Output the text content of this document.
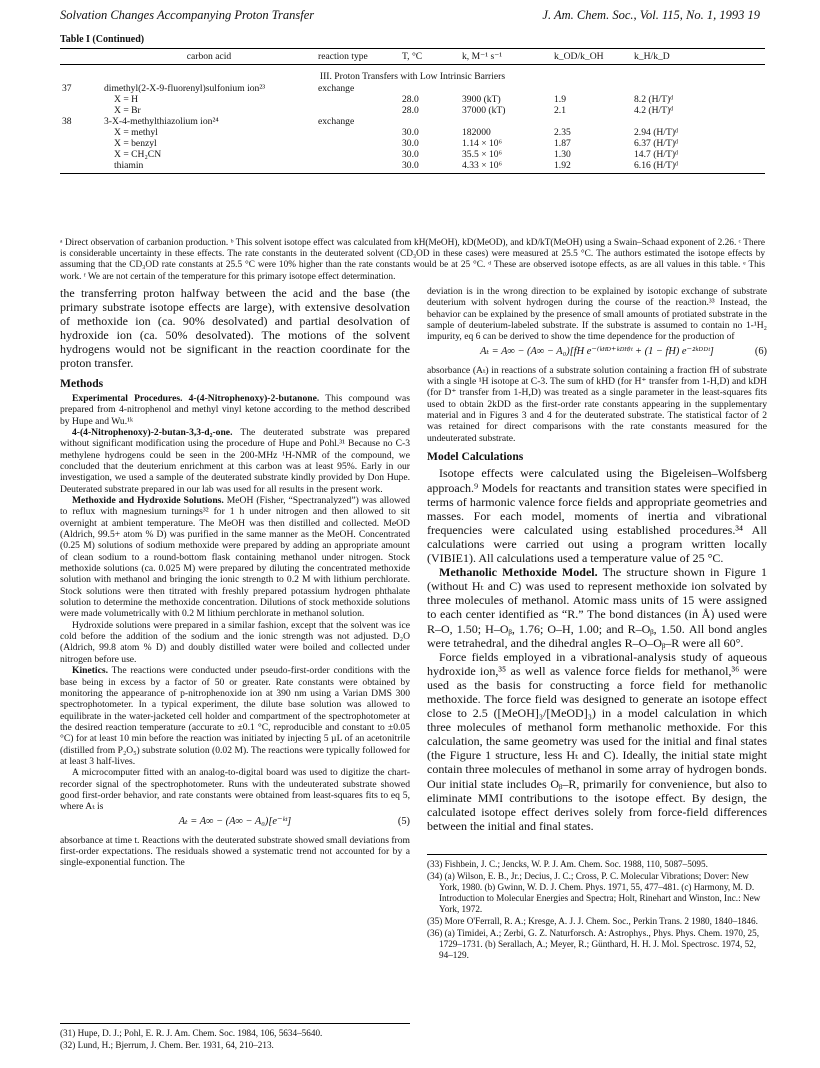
Solvation Changes Accompanying Proton Transfer	J. Am. Chem. Soc., Vol. 115, No. 1, 1993 19
Table I (Continued)
	carbon acid	reaction type	T, °C	k, M⁻¹ s⁻¹	k_OD/k_OH	k_H/k_D
III. Proton Transfers with Low Intrinsic Barriers						
37	dimethyl(2-X-9-fluorenyl)sulfonium ion²³	exchange				
	X = H		28.0	3900 (kT)	1.9	8.2 (H/T)ᵈ
	X = Br		28.0	37000 (kT)	2.1	4.2 (H/T)ᵈ
38	3-X-4-methylthiazolium ion²⁴	exchange				
	X = methyl		30.0	182000	2.35	2.94 (H/T)ᵈ
	X = benzyl		30.0	1.14 × 10⁶	1.87	6.37 (H/T)ᵈ
	X = CH₂CN		30.0	35.5 × 10⁶	1.30	14.7 (H/T)ᵈ
	thiamin		30.0	4.33 × 10⁶	1.92	6.16 (H/T)ᵈ
ᵃ Direct observation of carbanion production. ᵇ This solvent isotope effect was calculated from kH(MeOH), kD(MeOD), and kD/kT(MeOH) using a Swain–Schaad exponent of 2.26. ᶜ There is considerable uncertainty in these effects. The rate constants in the deuterated solvent (CD₃OD in these cases) were measured at 25.5 °C. The authors estimated the isotope effects by assuming that the CD₃OD rate constants at 25.5 °C were 10% higher than the rate constants would be at 25 °C. ᵈ These are observed isotope effects, as are all values in this table. ᵉ This work. ᶠ We are not certain of the temperature for this primary isotope effect determination.

the transferring proton halfway between the acid and the base (the primary substrate isotope effects are large), with extensive desolvation of methoxide ion (ca. 90% desolvated) and partial desolvation of hydroxide ion (ca. 50% desolvated). The motions of the solvent hydrogens would not be significant in the reaction coordinate for the proton transfer.

Methods

Experimental Procedures. 4-(4-Nitrophenoxy)-2-butanone. This compound was prepared from 4-nitrophenol and methyl vinyl ketone according to the method described by Hupe and Wu.¹ᵏ

4-(4-Nitrophenoxy)-2-butan-3,3-d₂-one. The deuterated substrate was prepared without significant modification using the procedure of Hupe and Pohl.³¹ Because no C-3 methylene hydrogens could be seen in the 200-MHz ¹H-NMR of the compound, we concluded that the deuterium enrichment at this carbon was at least 95%. Early in our investigation, we used a sample of the deuterated substrate kindly provided by Don Hupe. Deuterated substrate prepared in our lab was used for all results in the present work.

Methoxide and Hydroxide Solutions. MeOH (Fisher, “Spectranalyzed”) was allowed to reflux with magnesium turnings³² for 1 h under nitrogen and then allowed to sit overnight at ambient temperature. The MeOH was then distilled and collected. MeOD (Aldrich, 99.5+ atom % D) was purified in the same manner as the MeOH. Concentrated (0.25 M) solutions of sodium methoxide were prepared by adding an appropriate amount of clean sodium to a round-bottom flask containing methanol under nitrogen. Stock methoxide solutions (ca. 0.025 M) were prepared by diluting the concentrated methoxide solution with methanol and bringing the ionic strength to 0.2 M with lithium perchlorate. Stock solutions were then titrated with freshly prepared potassium hydrogen phthalate solution to determine the methoxide concentration. Dilutions of stock methoxide solutions were made volumetrically with 0.2 M lithium perchlorate in methanol solution.

Hydroxide solutions were prepared in a similar fashion, except that the solvent was ice cold before the addition of the sodium and the ionic strength was not adjusted. D₂O (Aldrich, 99.8 atom % D) and doubly distilled water were boiled and collected under nitrogen before use.

Kinetics. The reactions were conducted under pseudo-first-order conditions with the base being in excess by a factor of 50 or greater. Rate constants were obtained by monitoring the appearance of p-nitrophenoxide ion at 390 nm using a Varian DMS 300 spectrophotometer. In a typical experiment, the dilute base solution was allowed to equilibrate in the water-jacketed cell holder and compartment of the spectrophotometer at the desired reaction temperature (accurate to ±0.1 °C, reproducible and constant to ±0.05 °C) for at least 10 min before the reaction was initiated by injecting 5 µL of an acetonitrile (distilled from P₂O₅) substrate solution (0.02 M). The reactions were typically followed for at least 3 half-lives.

A microcomputer fitted with an analog-to-digital board was used to digitize the chart-recorder signal of the spectrophotometer. Runs with the undeuterated substrate showed good first-order behavior, and rate constants were obtained from least-squares fits to eq 5, where Aₜ is

Aₜ = A∞ − (A∞ − A₀)[e⁻ᵏᵗ]	(5)

absorbance at time t. Reactions with the deuterated substrate showed small deviations from first-order expectations. The residuals showed a systematic trend not accounted for by a single-exponential function. The

(31) Hupe, D. J.; Pohl, E. R. J. Am. Chem. Soc. 1984, 106, 5634–5640.

(32) Lund, H.; Bjerrum, J. Chem. Ber. 1931, 64, 210–213.

deviation is in the wrong direction to be explained by isotopic exchange of substrate deuterium with solvent hydrogen during the course of the reaction.³³ Instead, the behavior can be explained by the presence of small amounts of protiated substrate in the sample of deuterium-labeled substrate. If the substrate is assumed to contain no 1-¹H₂ impurity, eq 6 can be derived to show the time dependence for the production of

Aₜ = A∞ − (A∞ − A₀)[fH e⁻⁽ᵏᴴᴰ⁺ᵏᴰᴴ⁾ᵗ + (1 − fH) e⁻²ᵏᴰᴰᵗ]	(6)

absorbance (Aₜ) in reactions of a substrate solution containing a fraction fH of substrate with a single ¹H isotope at C-3. The sum of kHD (for H⁺ transfer from 1-H,D) and kDH (for D⁺ transfer from 1-H,D) was treated as a single parameter in the least-squares fits used to obtain 2kDD as the first-order rate constants appearing in the supplementary material and in Figures 3 and 4 for the deuterated substrate. The statistical factor of 2 was retained for direct comparisons with the rate constants measured for the undeuterated substrate.

Model Calculations

Isotope effects were calculated using the Bigeleisen–Wolfsberg approach.⁹ Models for reactants and transition states were specified in terms of harmonic valence force fields and appropriate geometries and masses. For each model, moments of inertia and vibrational frequencies were calculated using established procedures.³⁴ All calculations were carried out using a program written locally (VIBIE1). All calculations used a temperature value of 25 °C.

Methanolic Methoxide Model. The structure shown in Figure 1 (without Hₜ and C) was used to represent methoxide ion solvated by three molecules of methanol. Atomic mass units of 15 were assigned to each center identified as “R.” The bond distances (in Å) used were R–O, 1.50; H–Oᵦ, 1.76; O–H, 1.00; and R–Oᵦ, 1.50. All bond angles were tetrahedral, and the dihedral angles R–O–Oᵦ–R were all 60°.

Force fields employed in a vibrational-analysis study of aqueous hydroxide ion,³⁵ as well as valence force fields for methanol,³⁶ were used as the basis for constructing a force field for methanolic methoxide. The force field was designed to generate an isotope effect close to 2.5 ([MeOH]₃/[MeOD]₃) in a model calculation in which three molecules of methanol form methanolic methoxide. For this calculation, the same geometry was used for the initial and final states (the Figure 1 structure, less Hₜ and C). Ideally, the initial state might contain three molecules of methanol in some array of hydrogen bonds. Our initial state includes Oᵦ–R, primarily for convenience, but also to eliminate MMI contributions to the isotope effect. By design, the calculated isotope effect derives solely from force-field differences between the initial and final states.

(33) Fishbein, J. C.; Jencks, W. P. J. Am. Chem. Soc. 1988, 110, 5087–5095.

(34) (a) Wilson, E. B., Jr.; Decius, J. C.; Cross, P. C. Molecular Vibrations; Dover: New York, 1980. (b) Gwinn, W. D. J. Chem. Phys. 1971, 55, 477–481. (c) Harmony, M. D. Introduction to Molecular Energies and Spectra; Holt, Rinehart and Winston, Inc.: New York, 1972.

(35) More O'Ferrall, R. A.; Kresge, A. J. J. Chem. Soc., Perkin Trans. 2 1980, 1840–1846.

(36) (a) Timidei, A.; Zerbi, G. Z. Naturforsch. A: Astrophys., Phys. Phys. Chem. 1970, 25, 1729–1731. (b) Serallach, A.; Meyer, R.; Günthard, H. H. J. Mol. Spectrosc. 1974, 52, 94–129.
